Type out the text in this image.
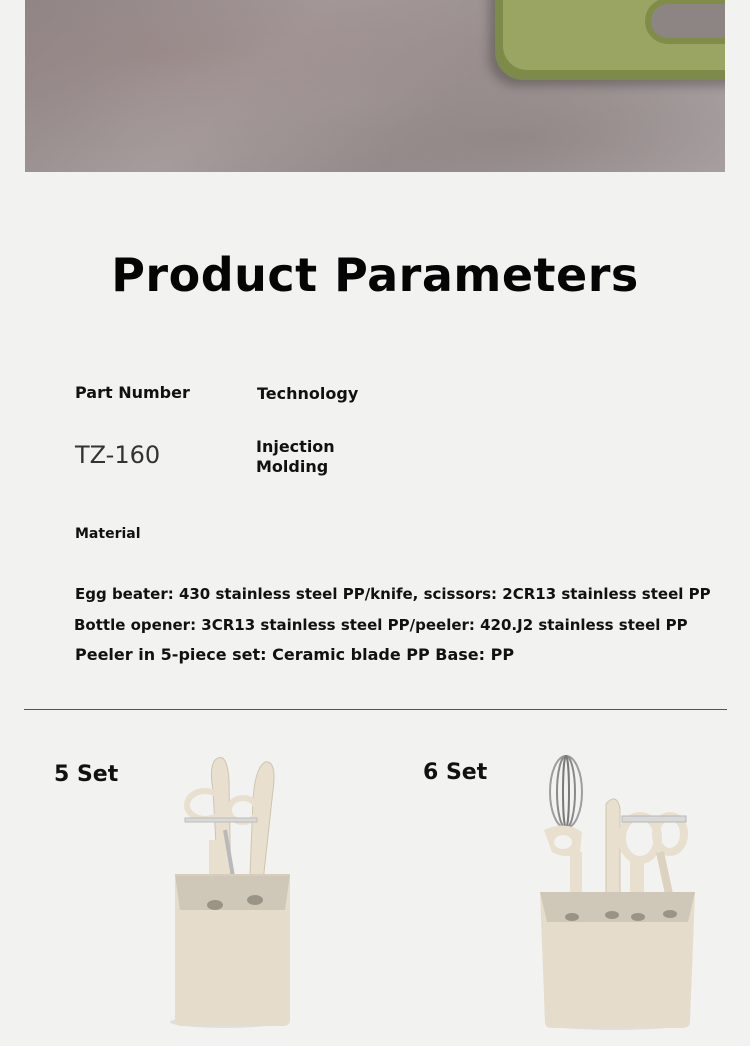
Product Parameters
Part Number	Technology
TZ-160	Injection
Molding
Material
Egg beater: 430 stainless steel PP/knife, scissors: 2CR13 stainless steel PP
Bottle opener: 3CR13 stainless steel PP/peeler: 420.J2 stainless steel PP
Peeler in 5-piece set: Ceramic blade PP Base: PP
5 Set	6 Set
